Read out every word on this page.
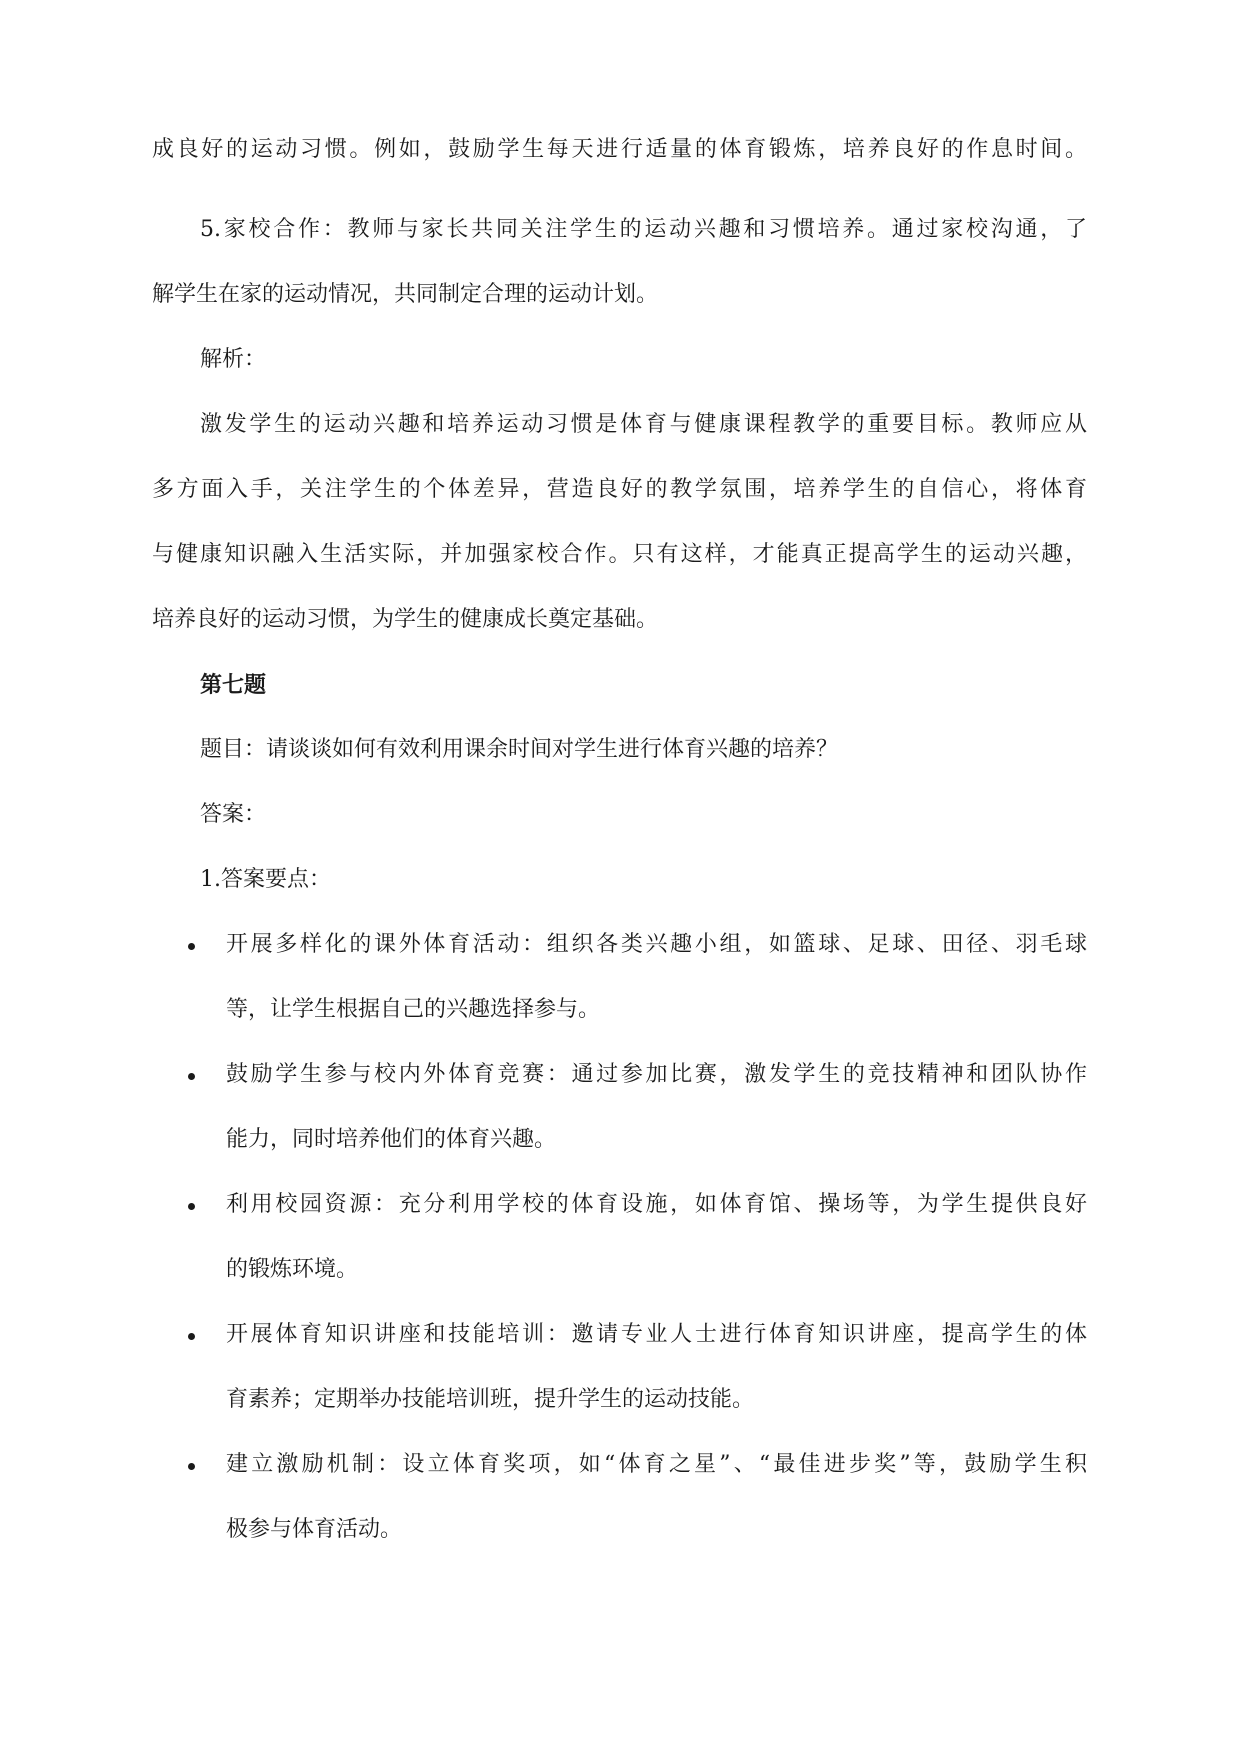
成良好的运动习惯。例如，鼓励学生每天进行适量的体育锻炼，培养良好的作息时间。
5.家校合作：教师与家长共同关注学生的运动兴趣和习惯培养。通过家校沟通，了
解学生在家的运动情况，共同制定合理的运动计划。
解析：
激发学生的运动兴趣和培养运动习惯是体育与健康课程教学的重要目标。教师应从
多方面入手，关注学生的个体差异，营造良好的教学氛围，培养学生的自信心，将体育
与健康知识融入生活实际，并加强家校合作。只有这样，才能真正提高学生的运动兴趣，
培养良好的运动习惯，为学生的健康成长奠定基础。
第七题
题目：请谈谈如何有效利用课余时间对学生进行体育兴趣的培养？
答案：
1.答案要点：
开展多样化的课外体育活动：组织各类兴趣小组，如篮球、足球、田径、羽毛球
等，让学生根据自己的兴趣选择参与。
鼓励学生参与校内外体育竞赛：通过参加比赛，激发学生的竞技精神和团队协作
能力，同时培养他们的体育兴趣。
利用校园资源：充分利用学校的体育设施，如体育馆、操场等，为学生提供良好
的锻炼环境。
开展体育知识讲座和技能培训：邀请专业人士进行体育知识讲座，提高学生的体
育素养；定期举办技能培训班，提升学生的运动技能。
建立激励机制：设立体育奖项，如“体育之星”、“最佳进步奖”等，鼓励学生积
极参与体育活动。
